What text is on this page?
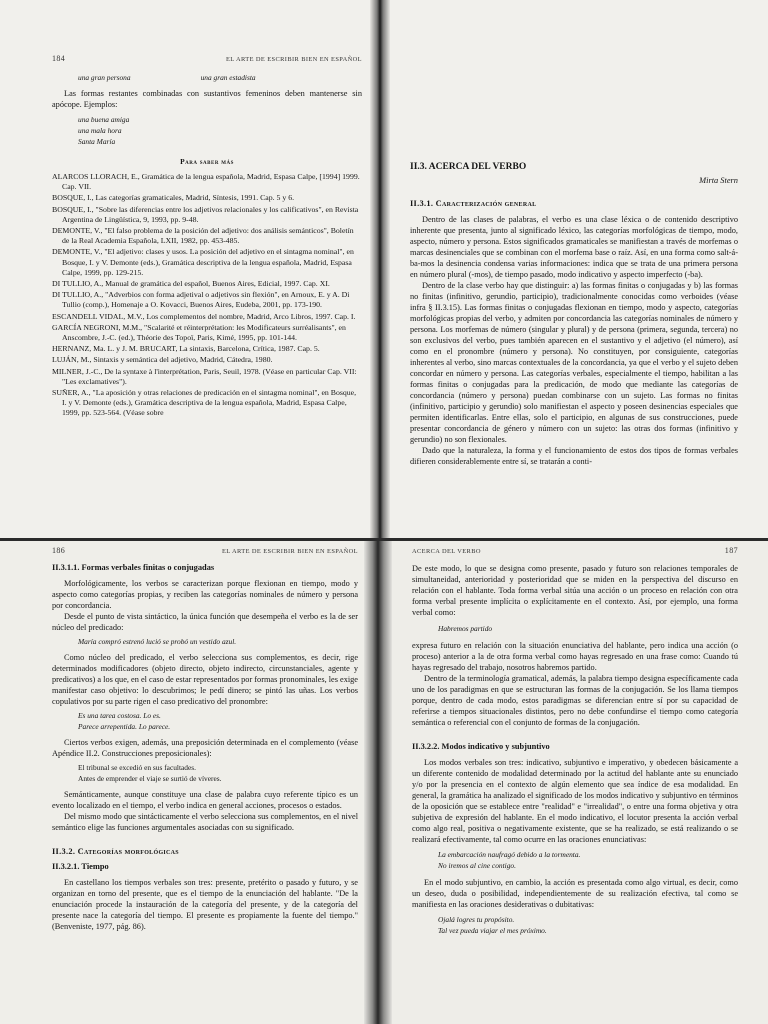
184	EL ARTE DE ESCRIBIR BIEN EN ESPAÑOL
una gran persona	una gran estadista

Las formas restantes combinadas con sustantivos femeninos deben mantenerse sin apócope. Ejemplos:

una buena amiga

una mala hora

Santa María

Para saber más

ALARCOS LLORACH, E., Gramática de la lengua española, Madrid, Espasa Calpe, [1994] 1999. Cap. VII.

BOSQUE, I., Las categorías gramaticales, Madrid, Síntesis, 1991. Cap. 5 y 6.

BOSQUE, I., "Sobre las diferencias entre los adjetivos relacionales y los calificativos", en Revista Argentina de Lingüística, 9, 1993, pp. 9-48.

DEMONTE, V., "El falso problema de la posición del adjetivo: dos análisis semánticos", Boletín de la Real Academia Española, LXII, 1982, pp. 453-485.

DEMONTE, V., "El adjetivo: clases y usos. La posición del adjetivo en el sintagma nominal", en Bosque, I. y V. Demonte (eds.), Gramática descriptiva de la lengua española, Madrid, Espasa Calpe, 1999, pp. 129-215.

DI TULLIO, A., Manual de gramática del español, Buenos Aires, Edicial, 1997. Cap. XI.

DI TULLIO, A., "Adverbios con forma adjetival o adjetivos sin flexión", en Arnoux, E. y A. Di Tullio (comp.), Homenaje a O. Kovacci, Buenos Aires, Eudeba, 2001, pp. 173-190.

ESCANDELL VIDAL, M.V., Los complementos del nombre, Madrid, Arco Libros, 1997. Cap. I.

GARCÍA NEGRONI, M.M., "Scalarité et réinterprétation: les Modificateurs surréalisants", en Anscombre, J.-C. (ed.), Théorie des Topoï, Paris, Kimé, 1995, pp. 101-144.

HERNANZ, Ma. L. y J. M. BRUCART, La sintaxis, Barcelona, Crítica, 1987. Cap. 5.

LUJÁN, M., Sintaxis y semántica del adjetivo, Madrid, Cátedra, 1980.

MILNER, J.-C., De la syntaxe à l'interprétation, Paris, Seuil, 1978. (Véase en particular Cap. VII: "Les exclamatives").

SUÑER, A., "La aposición y otras relaciones de predicación en el sintagma nominal", en Bosque, I. y V. Demonte (eds.), Gramática descriptiva de la lengua española, Madrid, Espasa Calpe, 1999, pp. 523-564. (Véase sobre

II.3. ACERCA DEL VERBO

Mirta Stern

II.3.1. Caracterización general

Dentro de las clases de palabras, el verbo es una clase léxica o de contenido descriptivo inherente que presenta, junto al significado léxico, las categorías morfológicas de tiempo, modo, aspecto, número y persona. Estos significados gramaticales se manifiestan a través de morfemas o marcas desinenciales que se combinan con el morfema base o raíz. Así, en una forma como salt-á-ba-mos la desinencia condensa varias informaciones: indica que se trata de una primera persona en número plural (-mos), de tiempo pasado, modo indicativo y aspecto imperfecto (-ba).

Dentro de la clase verbo hay que distinguir: a) las formas finitas o conjugadas y b) las formas no finitas (infinitivo, gerundio, participio), tradicionalmente conocidas como verboides (véase infra § II.3.15). Las formas finitas o conjugadas flexionan en tiempo, modo y aspecto, categorías morfológicas propias del verbo, y admiten por concordancia las categorías nominales de número y persona. Los morfemas de número (singular y plural) y de persona (primera, segunda, tercera) no son exclusivos del verbo, pues también aparecen en el sustantivo y el adjetivo (el número), así como en el pronombre (número y persona). No constituyen, por consiguiente, categorías inherentes al verbo, sino marcas contextuales de la concordancia, ya que el verbo y el sujeto deben concordar en número y persona. Las categorías verbales, especialmente el tiempo, habilitan a las formas finitas o conjugadas para la predicación, de modo que mediante las categorías de concordancia (número y persona) puedan combinarse con un sujeto. Las formas no finitas (infinitivo, participio y gerundio) solo manifiestan el aspecto y poseen desinencias especiales que permiten identificarlas. Entre ellas, solo el participio, en algunas de sus construcciones, puede presentar concordancia de género y número con un sujeto: las otras dos formas (infinitivo y gerundio) no son flexionales.

Dado que la naturaleza, la forma y el funcionamiento de estos dos tipos de formas verbales difieren considerablemente entre sí, se tratarán a conti-

186	EL ARTE DE ESCRIBIR BIEN EN ESPAÑOL

II.3.1.1. Formas verbales finitas o conjugadas

Morfológicamente, los verbos se caracterizan porque flexionan en tiempo, modo y aspecto como categorías propias, y reciben las categorías nominales de número y persona por concordancia.

Desde el punto de vista sintáctico, la única función que desempeña el verbo es la de ser núcleo del predicado:

María compró estrenó lució se probó un vestido azul.

Como núcleo del predicado, el verbo selecciona sus complementos, es decir, rige determinados modificadores (objeto directo, objeto indirecto, circunstanciales, agente y predicativos) a los que, en el caso de estar representados por formas pronominales, les exige manifestar caso objetivo: lo descubrimos; le pedí dinero; se pintó las uñas. Los verbos copulativos por su parte rigen el caso predicativo del pronombre:

Es una tarea costosa. Lo es.

Parece arrepentida. Lo parece.

Ciertos verbos exigen, además, una preposición determinada en el complemento (véase Apéndice II.2. Construcciones preposicionales):

El tribunal se excedió en sus facultades.

Antes de emprender el viaje se surtió de víveres.

Semánticamente, aunque constituye una clase de palabra cuyo referente típico es un evento localizado en el tiempo, el verbo indica en general acciones, procesos o estados.

Del mismo modo que sintácticamente el verbo selecciona sus complementos, en el nivel semántico elige las funciones argumentales asociadas con su significado.

II.3.2. Categorías morfológicas

II.3.2.1. Tiempo

En castellano los tiempos verbales son tres: presente, pretérito o pasado y futuro, y se organizan en torno del presente, que es el tiempo de la enunciación del hablante. "De la enunciación procede la instauración de la categoría del presente, y de la categoría del presente nace la categoría del tiempo. El presente es propiamente la fuente del tiempo." (Benveniste, 1977, pág. 86).

ACERCA DEL VERBO	187

De este modo, lo que se designa como presente, pasado y futuro son relaciones temporales de simultaneidad, anterioridad y posterioridad que se miden en la perspectiva del discurso en relación con el hablante. Toda forma verbal sitúa una acción o un proceso en relación con otra forma verbal presente implícita o explícitamente en el contexto. Así, por ejemplo, una forma verbal como:

Habremos partido

expresa futuro en relación con la situación enunciativa del hablante, pero indica una acción (o proceso) anterior a la de otra forma verbal como hayas regresado en una frase como: Cuando tú hayas regresado del trabajo, nosotros habremos partido.

Dentro de la terminología gramatical, además, la palabra tiempo designa específicamente cada uno de los paradigmas en que se estructuran las formas de la conjugación. Se los llama tiempos porque, dentro de cada modo, estos paradigmas se diferencian entre sí por su capacidad de referirse a tiempos situacionales distintos, pero no debe confundirse el tiempo como categoría semántica o referencial con el conjunto de formas de la conjugación.

II.3.2.2. Modos indicativo y subjuntivo

Los modos verbales son tres: indicativo, subjuntivo e imperativo, y obedecen básicamente a un diferente contenido de modalidad determinado por la actitud del hablante ante su enunciado y/o por la presencia en el contexto de algún elemento que sea índice de esa modalidad. En general, la gramática ha analizado el significado de los modos indicativo y subjuntivo en términos de la oposición que se establece entre "realidad" e "irrealidad", o entre una forma objetiva y otra subjetiva de expresión del hablante. En el modo indicativo, el locutor presenta la acción verbal como algo real, positiva o negativamente existente, que se ha realizado, se está realizando o se realizará efectivamente, tal como ocurre en las oraciones enunciativas:

La embarcación naufragó debido a la tormenta.

No iremos al cine contigo.

En el modo subjuntivo, en cambio, la acción es presentada como algo virtual, es decir, como un deseo, duda o posibilidad, independientemente de su realización efectiva, tal como se manifiesta en las oraciones desiderativas o dubitativas:

Ojalá logres tu propósito.

Tal vez pueda viajar el mes próximo.
